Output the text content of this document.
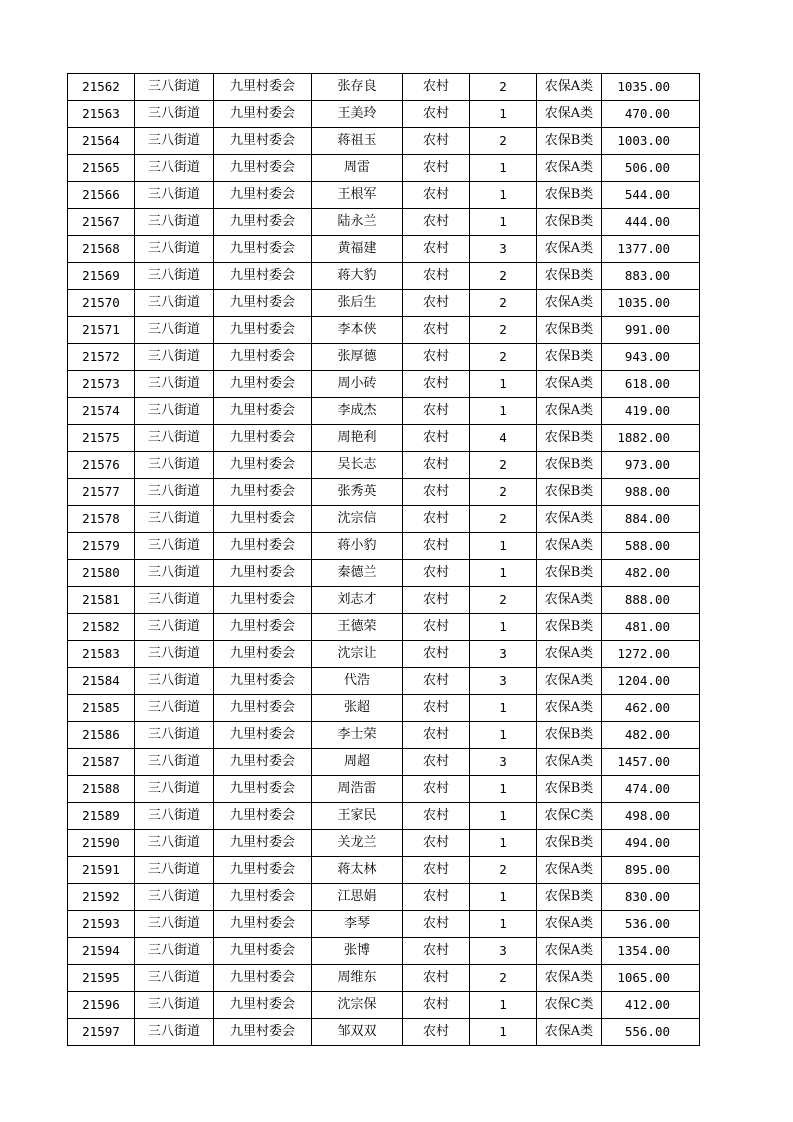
21562	三八街道	九里村委会	张存良	农村	2	农保A类	1035.00
21563	三八街道	九里村委会	王美玲	农村	1	农保A类	470.00
21564	三八街道	九里村委会	蒋祖玉	农村	2	农保B类	1003.00
21565	三八街道	九里村委会	周雷	农村	1	农保A类	506.00
21566	三八街道	九里村委会	王根军	农村	1	农保B类	544.00
21567	三八街道	九里村委会	陆永兰	农村	1	农保B类	444.00
21568	三八街道	九里村委会	黄福建	农村	3	农保A类	1377.00
21569	三八街道	九里村委会	蒋大豹	农村	2	农保B类	883.00
21570	三八街道	九里村委会	张后生	农村	2	农保A类	1035.00
21571	三八街道	九里村委会	李本侠	农村	2	农保B类	991.00
21572	三八街道	九里村委会	张厚德	农村	2	农保B类	943.00
21573	三八街道	九里村委会	周小砖	农村	1	农保A类	618.00
21574	三八街道	九里村委会	李成杰	农村	1	农保A类	419.00
21575	三八街道	九里村委会	周艳利	农村	4	农保B类	1882.00
21576	三八街道	九里村委会	吴长志	农村	2	农保B类	973.00
21577	三八街道	九里村委会	张秀英	农村	2	农保B类	988.00
21578	三八街道	九里村委会	沈宗信	农村	2	农保A类	884.00
21579	三八街道	九里村委会	蒋小豹	农村	1	农保A类	588.00
21580	三八街道	九里村委会	秦德兰	农村	1	农保B类	482.00
21581	三八街道	九里村委会	刘志才	农村	2	农保A类	888.00
21582	三八街道	九里村委会	王德荣	农村	1	农保B类	481.00
21583	三八街道	九里村委会	沈宗让	农村	3	农保A类	1272.00
21584	三八街道	九里村委会	代浩	农村	3	农保A类	1204.00
21585	三八街道	九里村委会	张超	农村	1	农保A类	462.00
21586	三八街道	九里村委会	李士荣	农村	1	农保B类	482.00
21587	三八街道	九里村委会	周超	农村	3	农保A类	1457.00
21588	三八街道	九里村委会	周浩雷	农村	1	农保B类	474.00
21589	三八街道	九里村委会	王家民	农村	1	农保C类	498.00
21590	三八街道	九里村委会	关龙兰	农村	1	农保B类	494.00
21591	三八街道	九里村委会	蒋太林	农村	2	农保A类	895.00
21592	三八街道	九里村委会	江思娟	农村	1	农保B类	830.00
21593	三八街道	九里村委会	李琴	农村	1	农保A类	536.00
21594	三八街道	九里村委会	张博	农村	3	农保A类	1354.00
21595	三八街道	九里村委会	周维东	农村	2	农保A类	1065.00
21596	三八街道	九里村委会	沈宗保	农村	1	农保C类	412.00
21597	三八街道	九里村委会	邹双双	农村	1	农保A类	556.00
